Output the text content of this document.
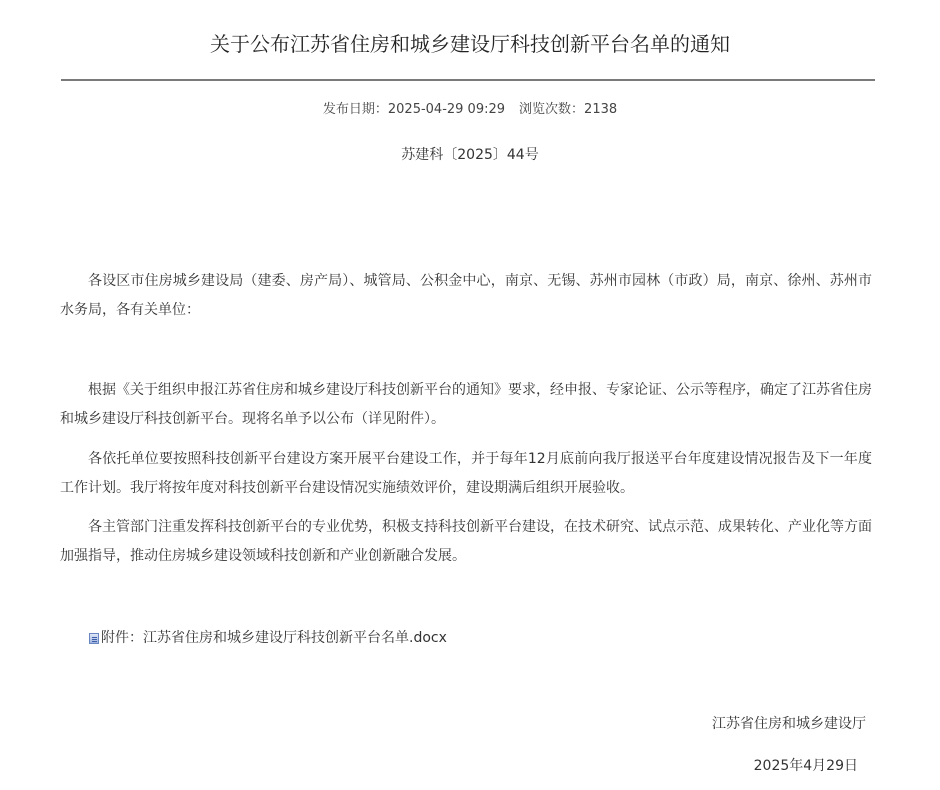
关于公布江苏省住房和城乡建设厅科技创新平台名单的通知
发布日期：2025-04-29 09:29 浏览次数：2138
苏建科〔2025〕44号

各设区市住房城乡建设局（建委、房产局）、城管局、公积金中心，南京、无锡、苏州市园林（市政）局，南京、徐州、苏州市水务局，各有关单位：

根据《关于组织申报江苏省住房和城乡建设厅科技创新平台的通知》要求，经申报、专家论证、公示等程序，确定了江苏省住房和城乡建设厅科技创新平台。现将名单予以公布（详见附件）。

各依托单位要按照科技创新平台建设方案开展平台建设工作，并于每年12月底前向我厅报送平台年度建设情况报告及下一年度工作计划。我厅将按年度对科技创新平台建设情况实施绩效评价，建设期满后组织开展验收。

各主管部门注重发挥科技创新平台的专业优势，积极支持科技创新平台建设，在技术研究、试点示范、成果转化、产业化等方面加强指导，推动住房城乡建设领域科技创新和产业创新融合发展。

附件： 江苏省住房和城乡建设厅科技创新平台名单.docx
江苏省住房和城乡建设厅
2025年4月29日
